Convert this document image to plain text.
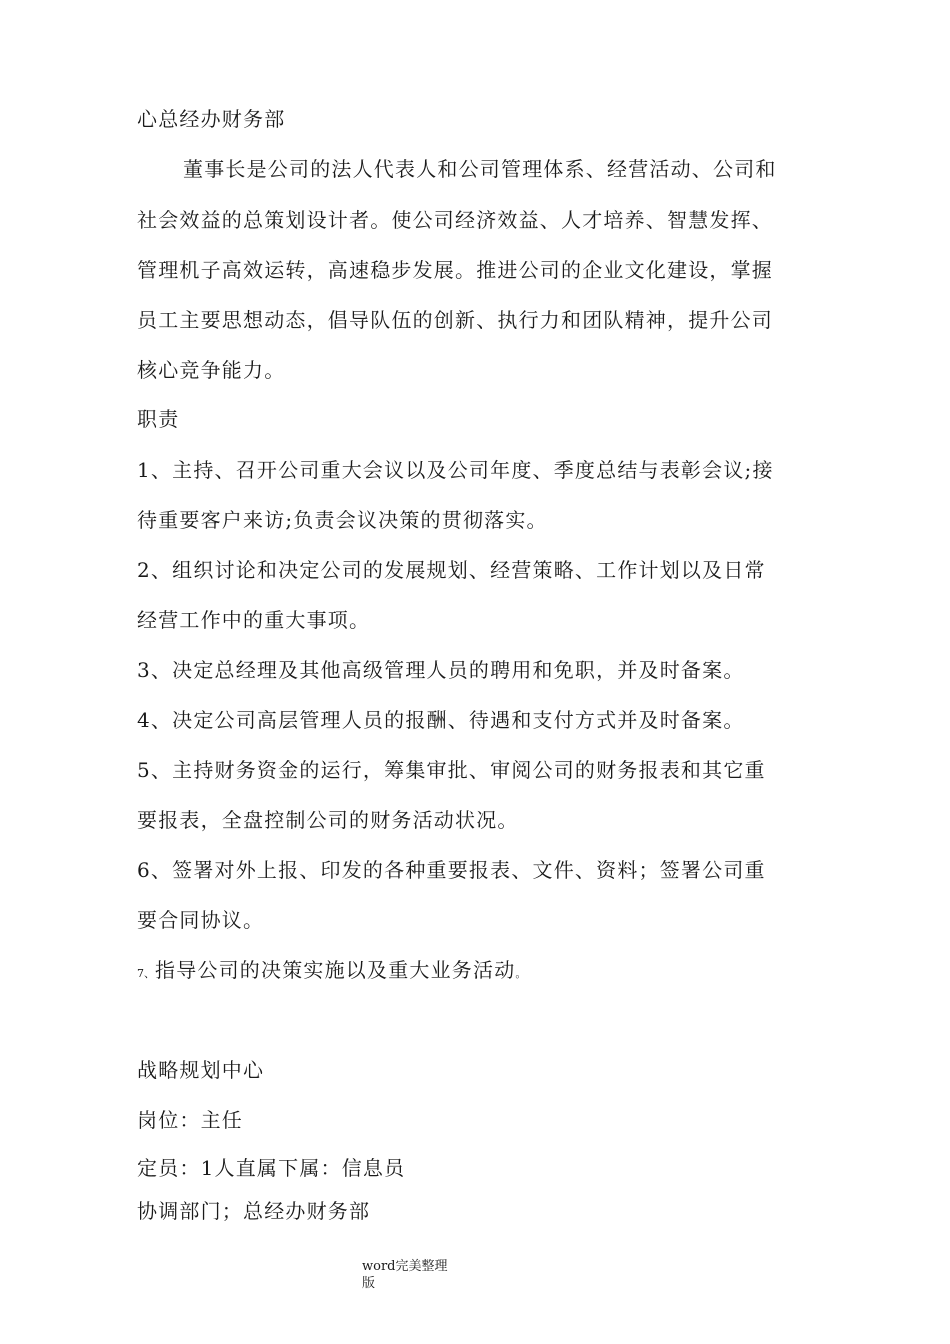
心总经办财务部
董事长是公司的法人代表人和公司管理体系、经营活动、公司和
社会效益的总策划设计者。使公司经济效益、人才培养、智慧发挥、
管理机子高效运转，高速稳步发展。推进公司的企业文化建设，掌握
员工主要思想动态，倡导队伍的创新、执行力和团队精神，提升公司
核心竞争能力。
职责
1、主持、召开公司重大会议以及公司年度、季度总结与表彰会议;接
待重要客户来访;负责会议决策的贯彻落实。
2、组织讨论和决定公司的发展规划、经营策略、工作计划以及日常
经营工作中的重大事项。
3、决定总经理及其他高级管理人员的聘用和免职，并及时备案。
4、决定公司高层管理人员的报酬、待遇和支付方式并及时备案。
5、主持财务资金的运行，筹集审批、审阅公司的财务报表和其它重
要报表，全盘控制公司的财务活动状况。
6、签署对外上报、印发的各种重要报表、文件、资料；签署公司重
要合同协议。
7、指导公司的决策实施以及重大业务活动。
战略规划中心
岗位：主任
定员：1人直属下属：信息员
协调部门；总经办财务部
word完美整理
版
